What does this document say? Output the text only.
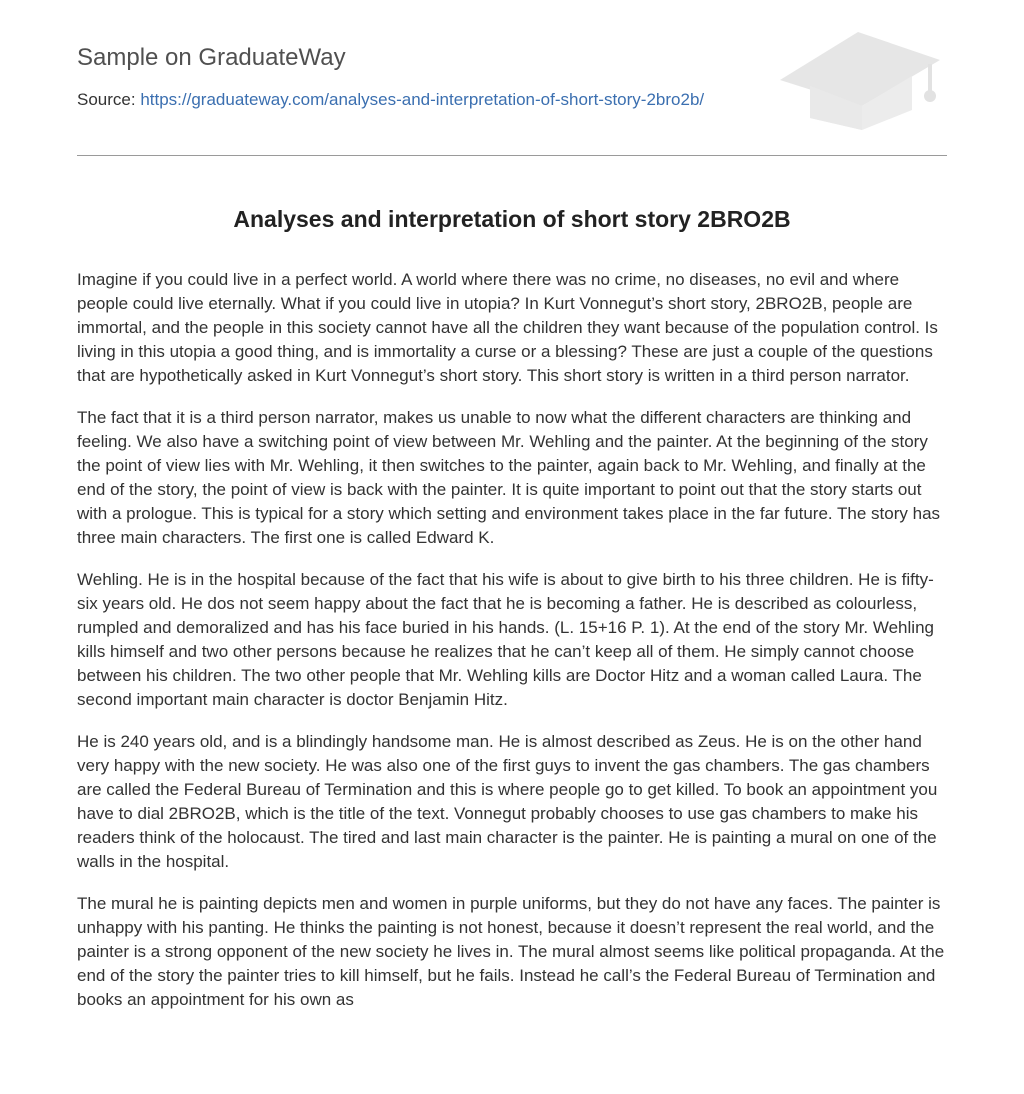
Sample on GraduateWay
Source: https://graduateway.com/analyses-and-interpretation-of-short-story-2bro2b/
Analyses and interpretation of short story 2BRO2B

Imagine if you could live in a perfect world. A world where there was no crime, no diseases, no evil and where people could live eternally. What if you could live in utopia? In Kurt Vonnegut’s short story, 2BRO2B, people are immortal, and the people in this society cannot have all the children they want because of the population control. Is living in this utopia a good thing, and is immortality a curse or a blessing? These are just a couple of the questions that are hypothetically asked in Kurt Vonnegut’s short story. This short story is written in a third person narrator.

The fact that it is a third person narrator, makes us unable to now what the different characters are thinking and feeling. We also have a switching point of view between Mr. Wehling and the painter. At the beginning of the story the point of view lies with Mr. Wehling, it then switches to the painter, again back to Mr. Wehling, and finally at the end of the story, the point of view is back with the painter. It is quite important to point out that the story starts out with a prologue. This is typical for a story which setting and environment takes place in the far future. The story has three main characters. The first one is called Edward K.

Wehling. He is in the hospital because of the fact that his wife is about to give birth to his three children. He is fifty-six years old. He dos not seem happy about the fact that he is becoming a father. He is described as colourless, rumpled and demoralized and has his face buried in his hands. (L. 15+16 P. 1). At the end of the story Mr. Wehling kills himself and two other persons because he realizes that he can’t keep all of them. He simply cannot choose between his children. The two other people that Mr. Wehling kills are Doctor Hitz and a woman called Laura. The second important main character is doctor Benjamin Hitz.

He is 240 years old, and is a blindingly handsome man. He is almost described as Zeus. He is on the other hand very happy with the new society. He was also one of the first guys to invent the gas chambers. The gas chambers are called the Federal Bureau of Termination and this is where people go to get killed. To book an appointment you have to dial 2BRO2B, which is the title of the text. Vonnegut probably chooses to use gas chambers to make his readers think of the holocaust. The tired and last main character is the painter. He is painting a mural on one of the walls in the hospital.

The mural he is painting depicts men and women in purple uniforms, but they do not have any faces. The painter is unhappy with his panting. He thinks the painting is not honest, because it doesn’t represent the real world, and the painter is a strong opponent of the new society he lives in. The mural almost seems like political propaganda. At the end of the story the painter tries to kill himself, but he fails. Instead he call’s the Federal Bureau of Termination and books an appointment for his own as
